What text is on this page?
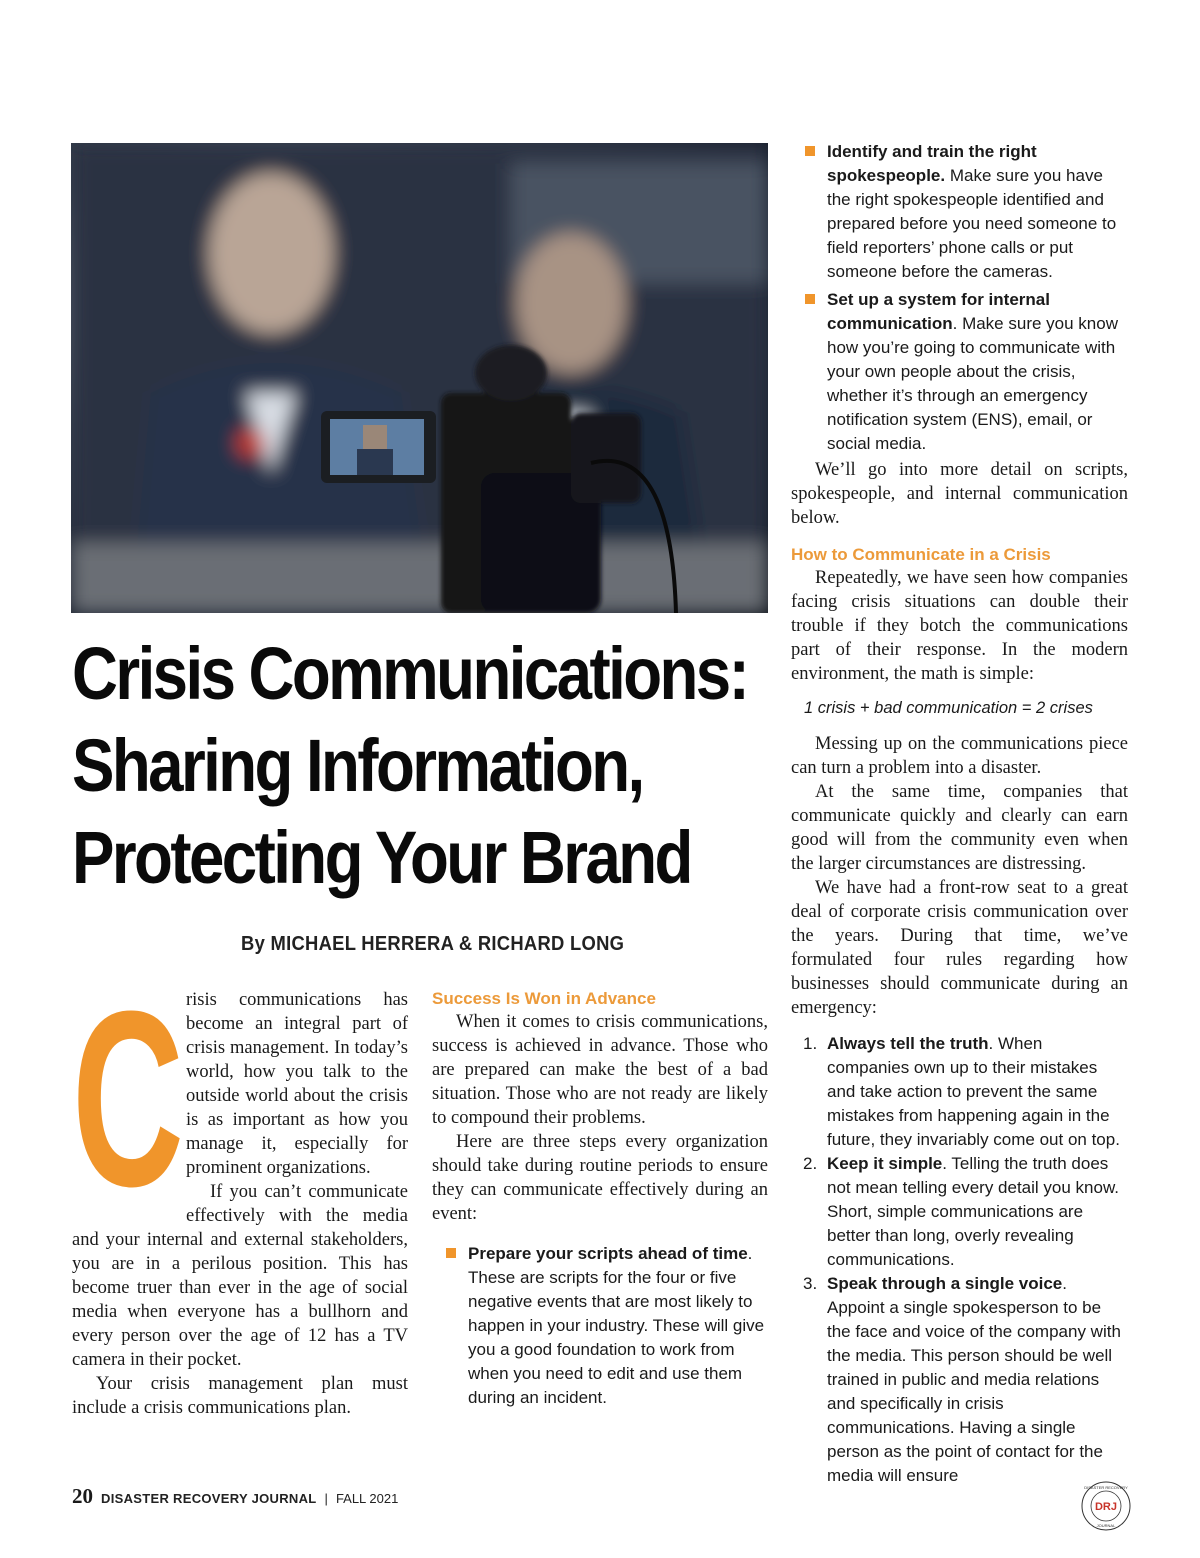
Crisis Communications:
Sharing Information,
Protecting Your Brand
By MICHAEL HERRERA & RICHARD LONG
C risis communications has become an integral part of crisis management. In today’s world, how you talk to the outside world about the crisis is as important as how you manage it, especially for prominent organizations.

If you can’t communicate effectively with the media and your internal and external stakeholders, you are in a perilous position. This has become truer than ever in the age of social media when everyone has a bullhorn and every person over the age of 12 has a TV camera in their pocket.

Your crisis management plan must include a crisis communications plan.

Success Is Won in Advance

When it comes to crisis communications, success is achieved in advance. Those who are prepared can make the best of a bad situation. Those who are not ready are likely to compound their problems.

Here are three steps every organization should take during routine periods to ensure they can communicate effectively during an event:

Prepare your scripts ahead of time. These are scripts for the four or five negative events that are most likely to happen in your industry. These will give you a good foundation to work from when you need to edit and use them during an incident.
Identify and train the right spokespeople. Make sure you have the right spokespeople identified and prepared before you need someone to field reporters’ phone calls or put someone before the cameras.
Set up a system for internal communication. Make sure you know how you’re going to communicate with your own people about the crisis, whether it’s through an emergency notification system (ENS), email, or social media.

We’ll go into more detail on scripts, spokespeople, and internal communication below.

How to Communicate in a Crisis

Repeatedly, we have seen how companies facing crisis situations can double their trouble if they botch the communications part of their response. In the modern environment, the math is simple:

1 crisis + bad communication = 2 crises

Messing up on the communications piece can turn a problem into a disaster.

At the same time, companies that communicate quickly and clearly can earn good will from the community even when the larger circumstances are distressing.

We have had a front-row seat to a great deal of corporate crisis communication over the years. During that time, we’ve formulated four rules regarding how businesses should communicate during an emergency:

1. Always tell the truth. When companies own up to their mistakes and take action to prevent the same mistakes from happening again in the future, they invariably come out on top.
2. Keep it simple. Telling the truth does not mean telling every detail you know. Short, simple communications are better than long, overly revealing communications.
3. Speak through a single voice. Appoint a single spokesperson to be the face and voice of the company with the media. This person should be well trained in public and media relations and specifically in crisis communications. Having a single person as the point of contact for the media will ensure
20 DISASTER RECOVERY JOURNAL | FALL 2021
DRJ
DISASTER RECOVERY
JOURNAL
